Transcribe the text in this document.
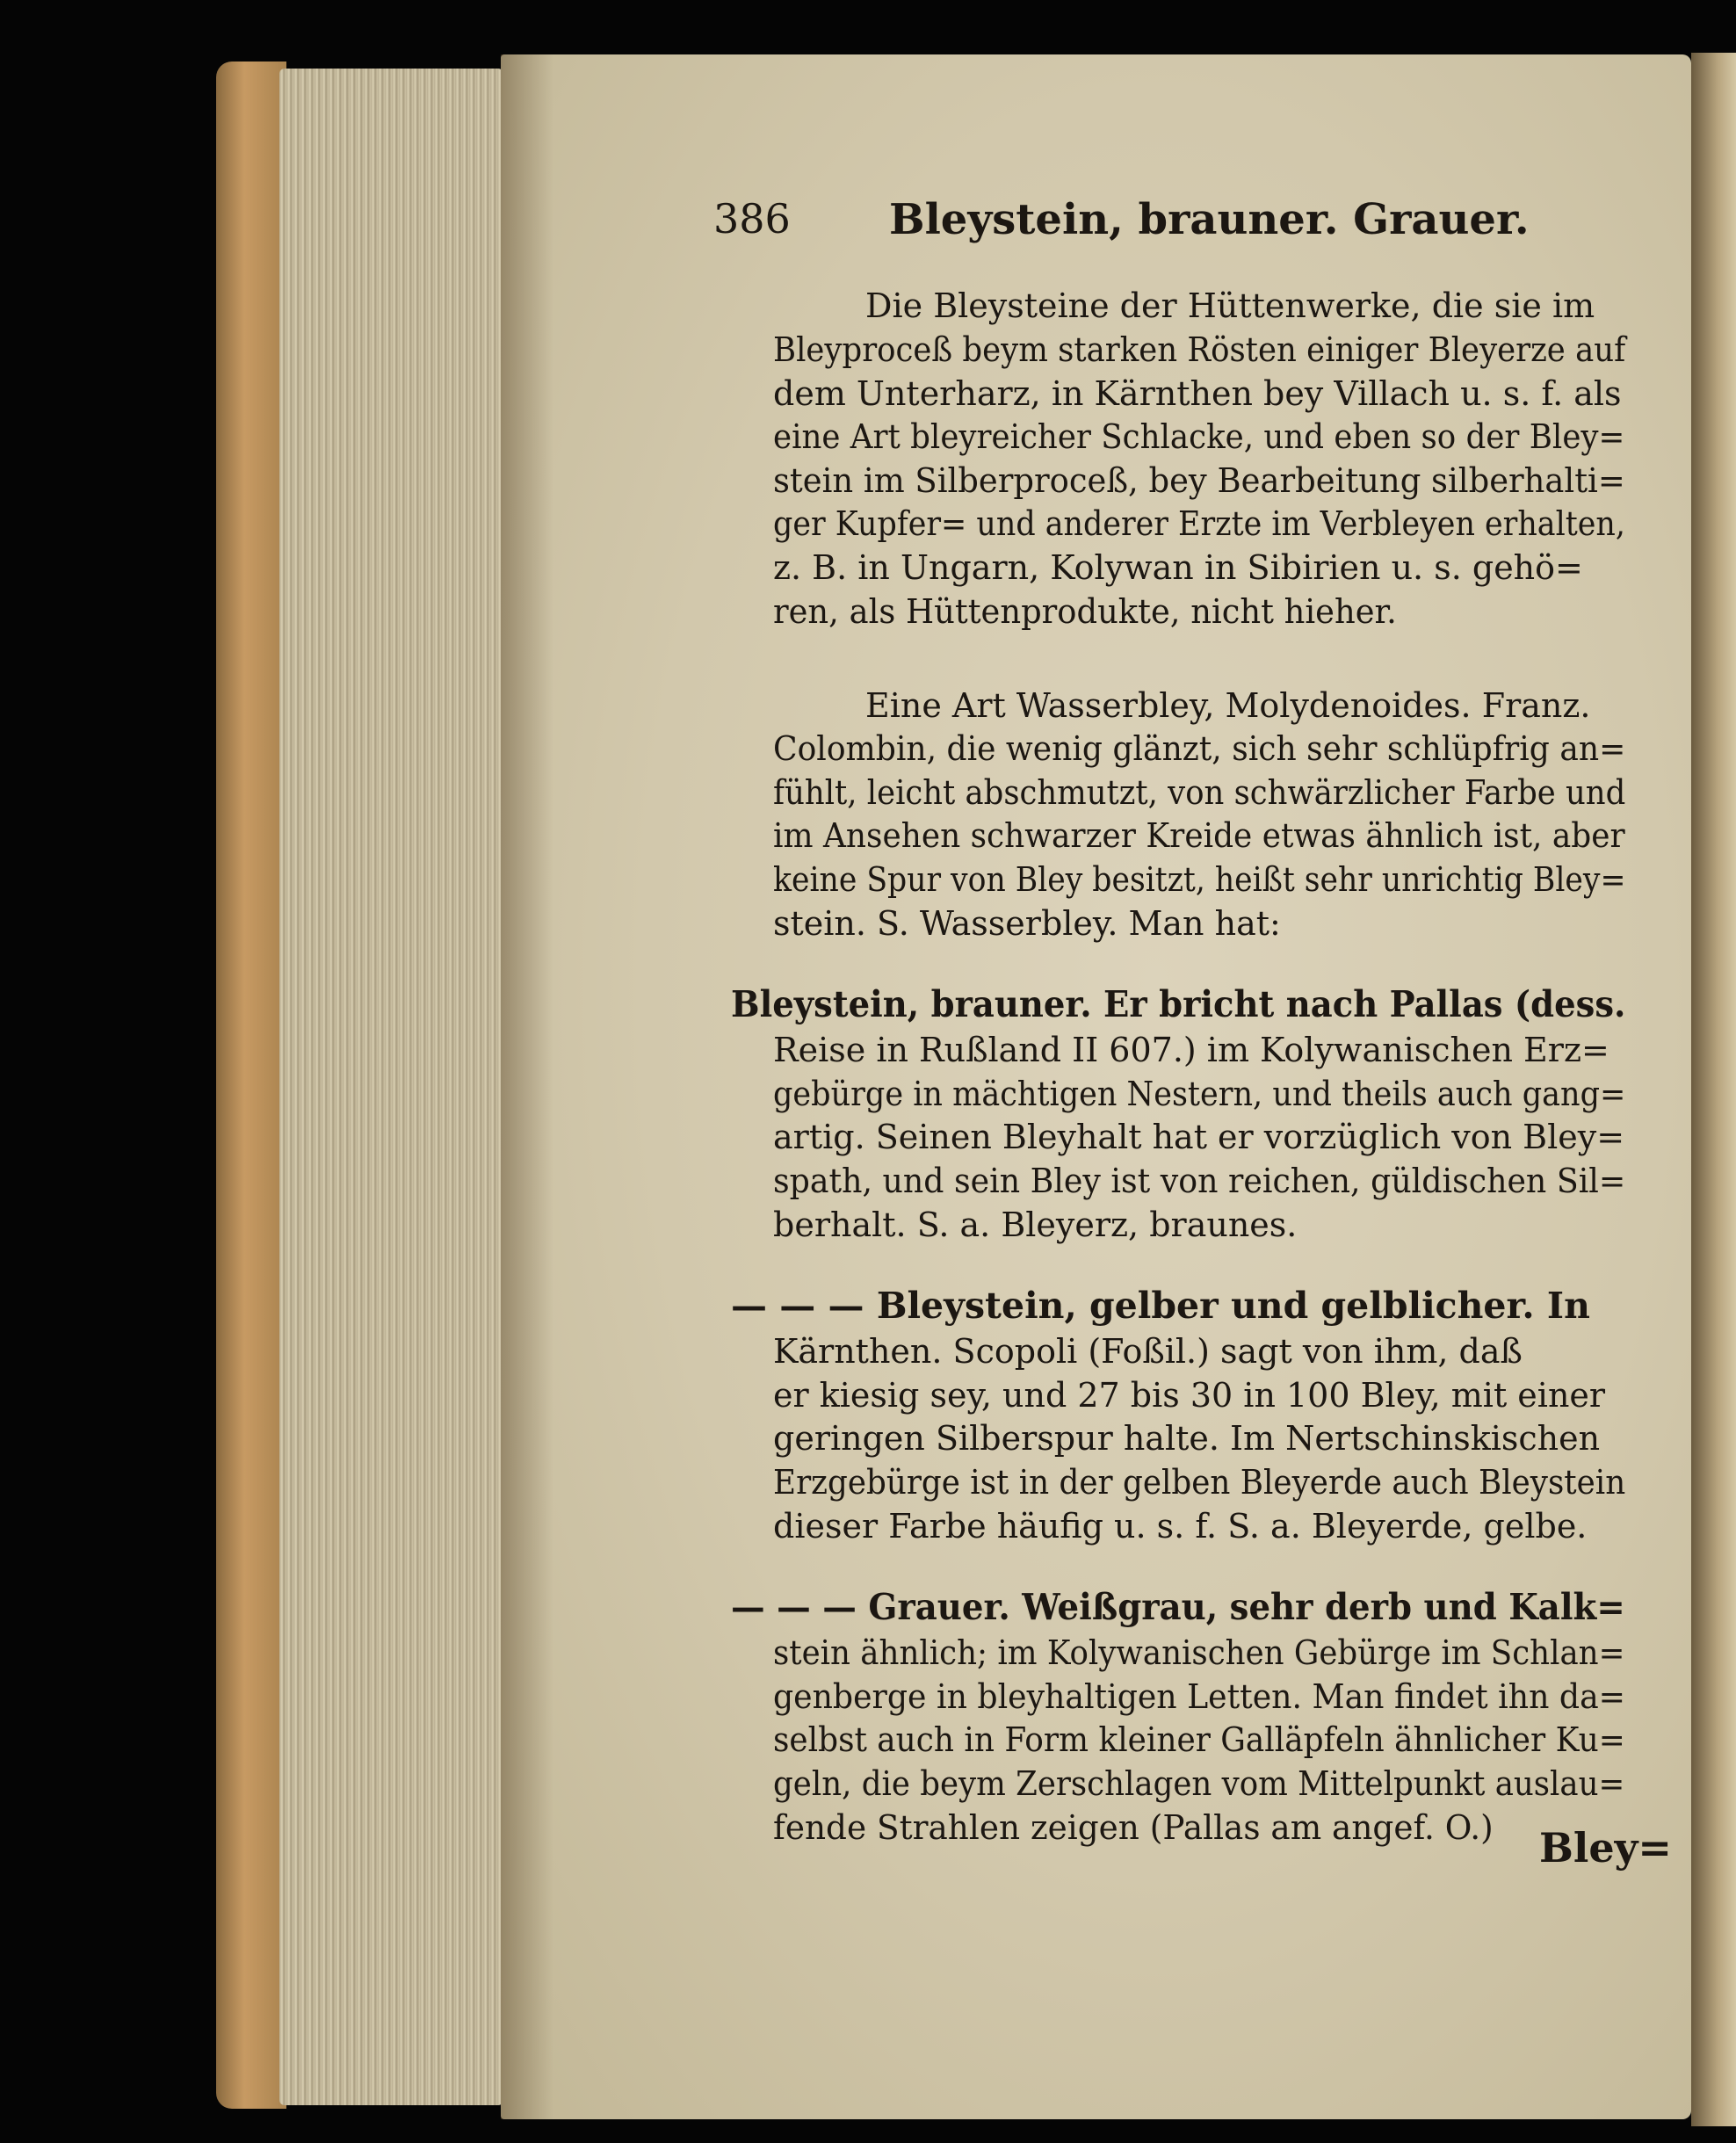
386 Bleystein, brauner. Grauer.

Die Bleysteine der Hüttenwerke, die sie im

Bleyproceß beym starken Rösten einiger Bleyerze auf

dem Unterharz, in Kärnthen bey Villach u. s. f. als

eine Art bleyreicher Schlacke, und eben so der Bley=

stein im Silberproceß, bey Bearbeitung silberhalti=

ger Kupfer= und anderer Erzte im Verbleyen erhalten,

z. B. in Ungarn, Kolywan in Sibirien u. s. gehö=

ren, als Hüttenprodukte, nicht hieher.

Eine Art Wasserbley, Molydenoides. Franz.

Colombin, die wenig glänzt, sich sehr schlüpfrig an=

fühlt, leicht abschmutzt, von schwärzlicher Farbe und

im Ansehen schwarzer Kreide etwas ähnlich ist, aber

keine Spur von Bley besitzt, heißt sehr unrichtig Bley=

stein. S. Wasserbley. Man hat:

Bleystein, brauner. Er bricht nach Pallas (dess.

Reise in Rußland II 607.) im Kolywanischen Erz=

gebürge in mächtigen Nestern, und theils auch gang=

artig. Seinen Bleyhalt hat er vorzüglich von Bley=

spath, und sein Bley ist von reichen, güldischen Sil=

berhalt. S. a. Bleyerz, braunes.

— — — Bleystein, gelber und gelblicher. In

Kärnthen. Scopoli (Foßil.) sagt von ihm, daß

er kiesig sey, und 27 bis 30 in 100 Bley, mit einer

geringen Silberspur halte. Im Nertschinskischen

Erzgebürge ist in der gelben Bleyerde auch Bleystein

dieser Farbe häufig u. s. f. S. a. Bleyerde, gelbe.

— — — Grauer. Weißgrau, sehr derb und Kalk=

stein ähnlich; im Kolywanischen Gebürge im Schlan=

genberge in bleyhaltigen Letten. Man findet ihn da=

selbst auch in Form kleiner Galläpfeln ähnlicher Ku=

geln, die beym Zerschlagen vom Mittelpunkt auslau=

fende Strahlen zeigen (Pallas am angef. O.) Bley=
